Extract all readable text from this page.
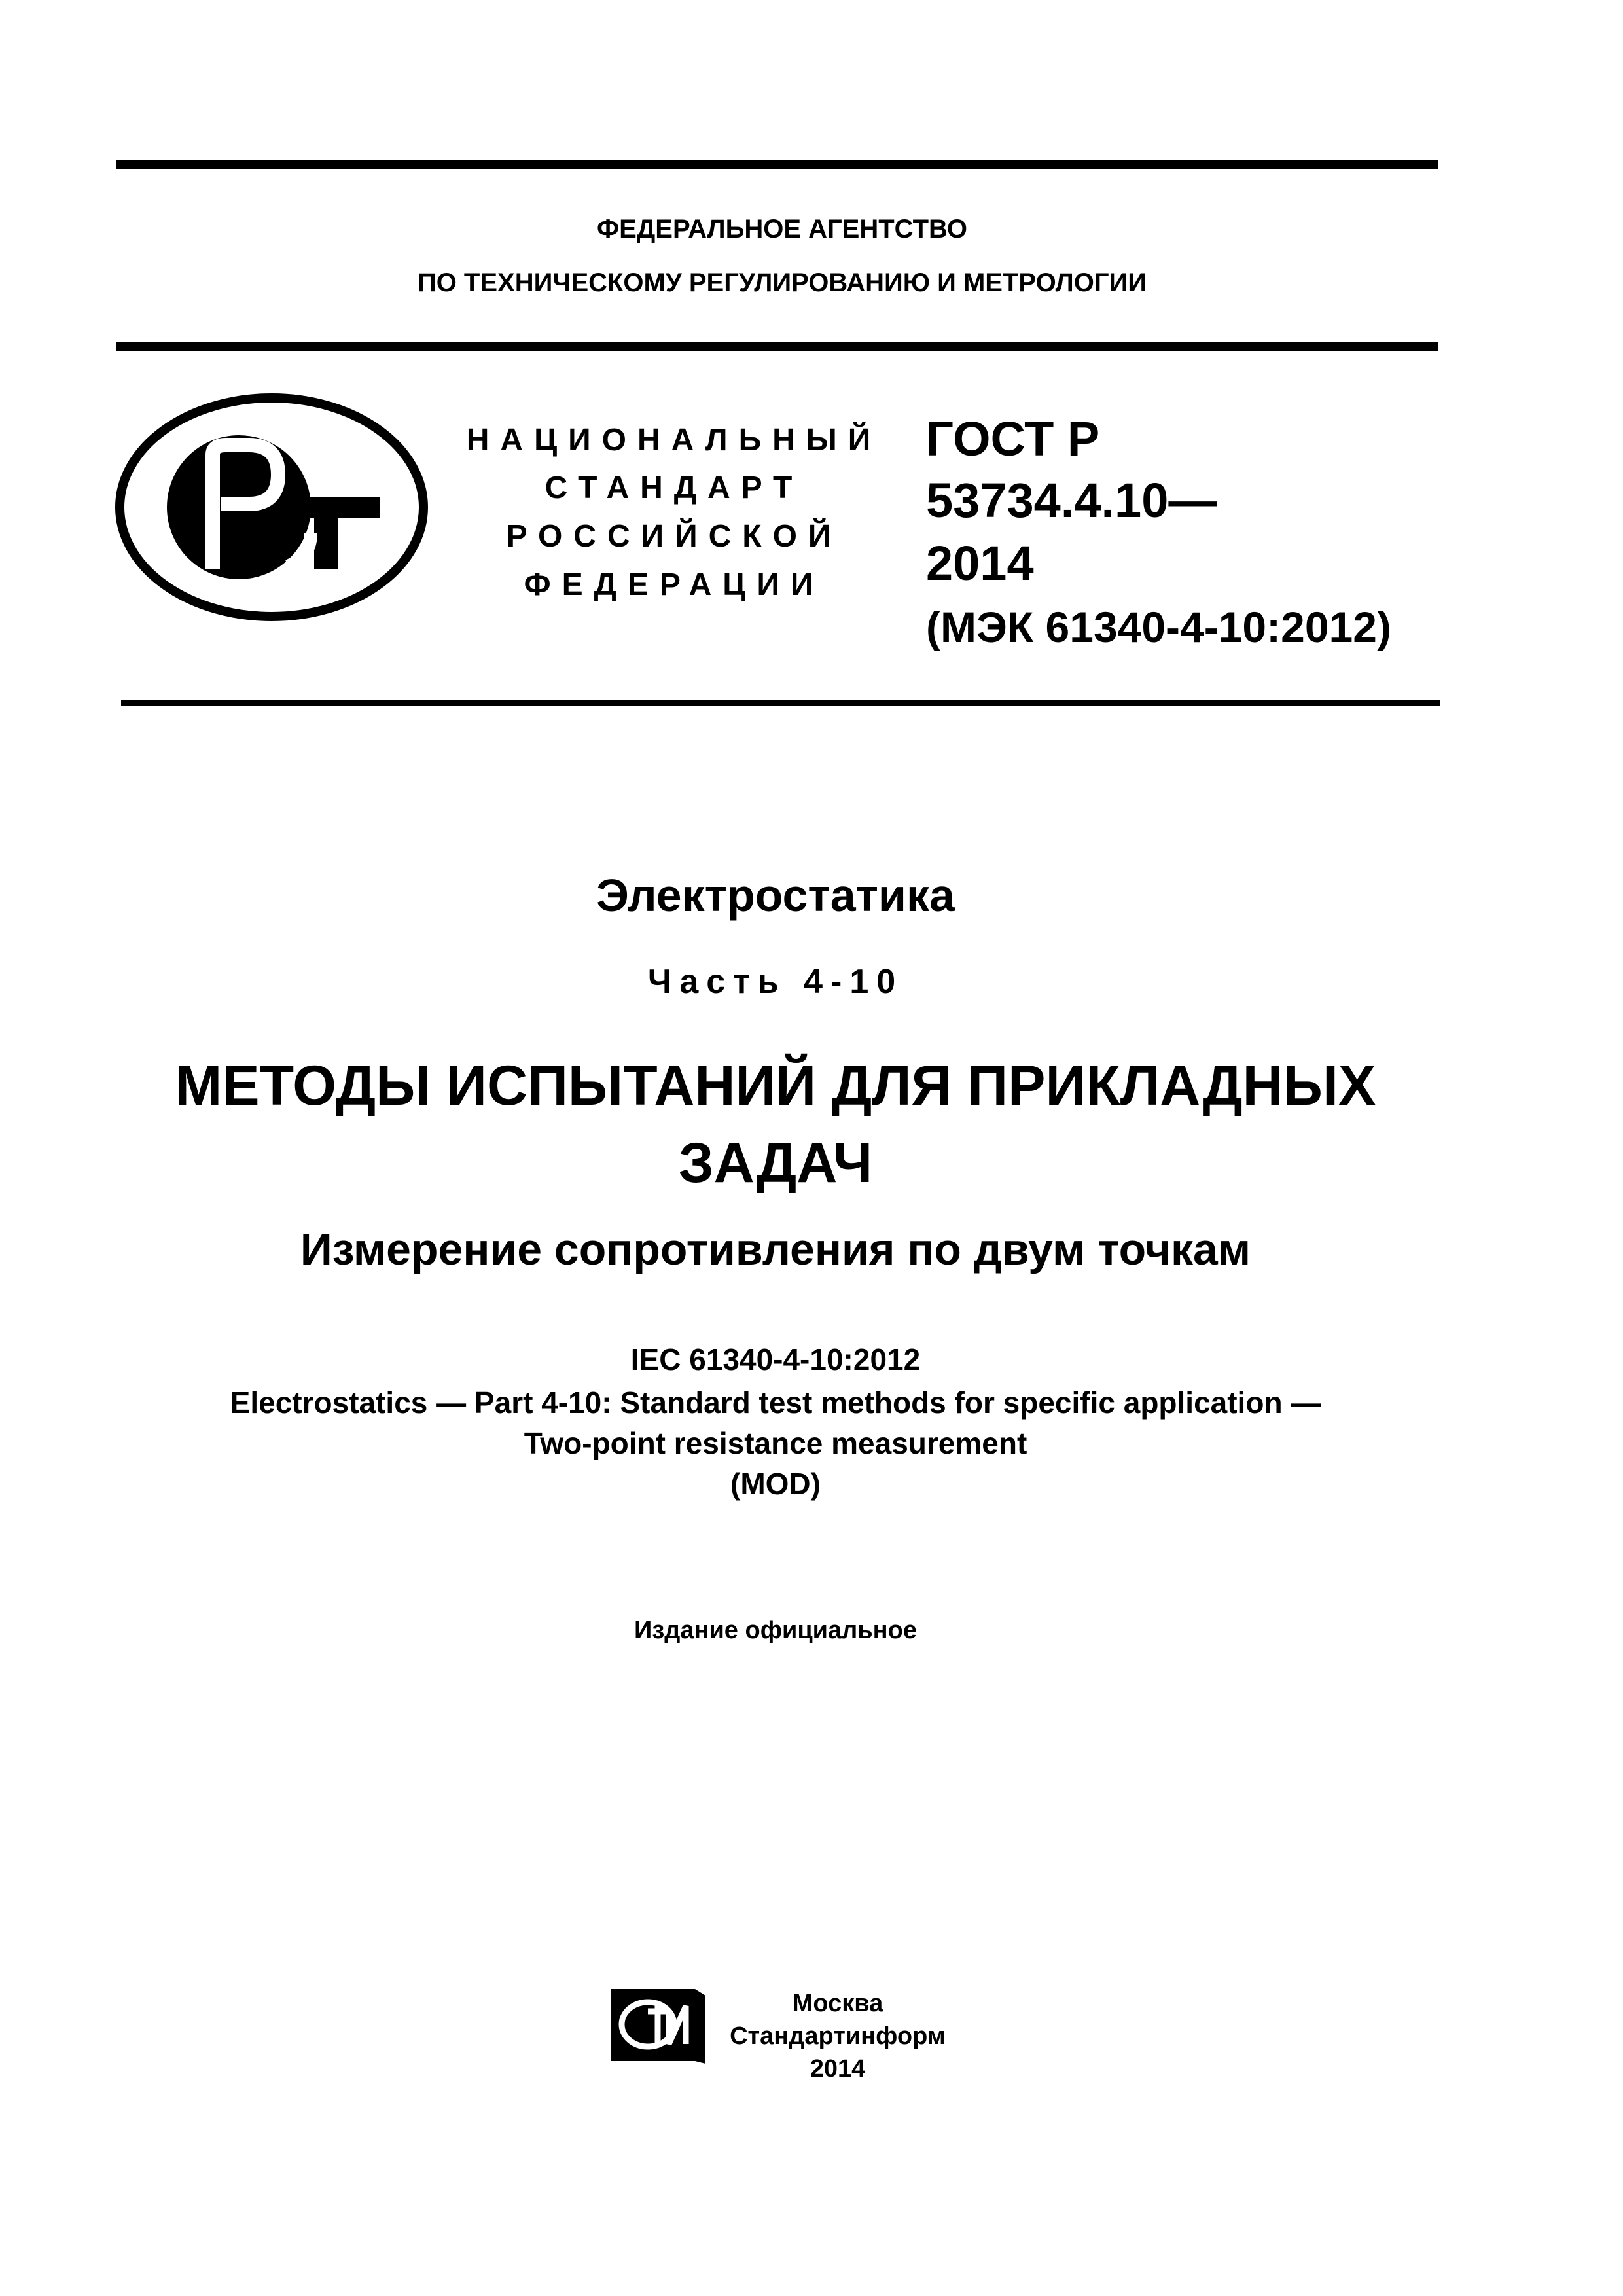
ФЕДЕРАЛЬНОЕ АГЕНТСТВО
ПО ТЕХНИЧЕСКОМУ РЕГУЛИРОВАНИЮ И МЕТРОЛОГИИ
НАЦИОНАЛЬНЫЙ
СТАНДАРТ
РОССИЙСКОЙ
ФЕДЕРАЦИИ
ГОСТ Р
53734.4.10—
2014
(МЭК 61340-4-10:2012)
Электростатика
Часть 4-10
МЕТОДЫ ИСПЫТАНИЙ ДЛЯ ПРИКЛАДНЫХ
ЗАДАЧ
Измерение сопротивления по двум точкам
IEC 61340-4-10:2012
Electrostatics — Part 4-10: Standard test methods for specific application —
Two-point resistance measurement
(MOD)
Издание официальное
Москва
Стандартинформ
2014
